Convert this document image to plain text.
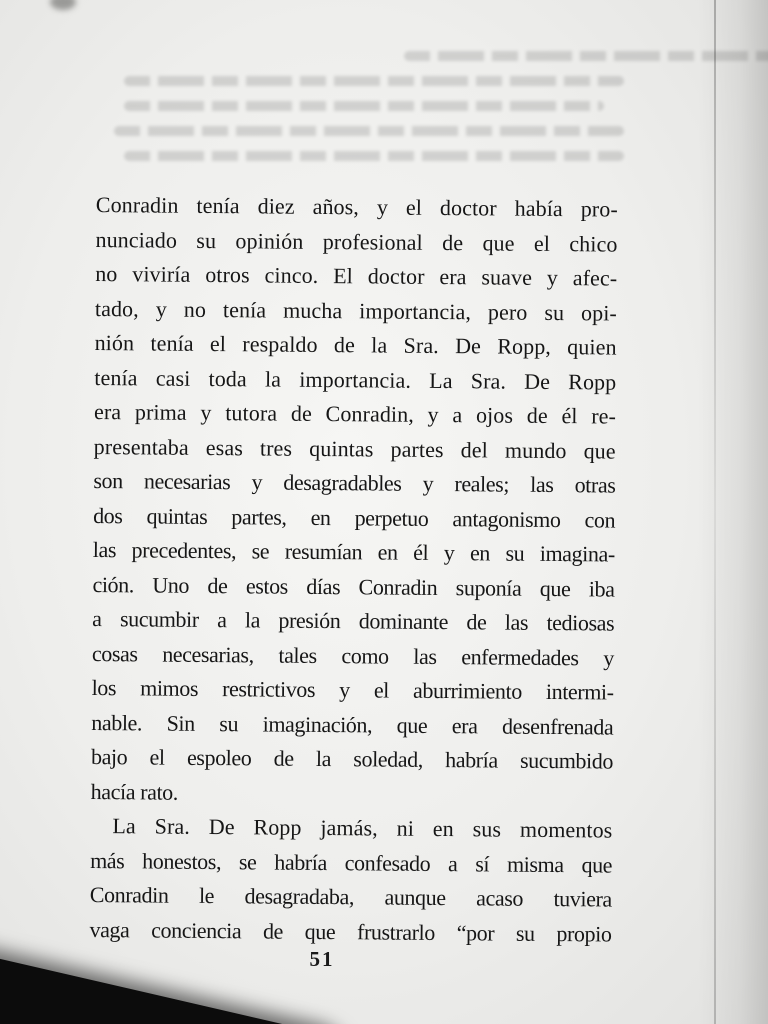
Conradin tenía diez años, y el doctor había pro-
nunciado su opinión profesional de que el chico
no viviría otros cinco. El doctor era suave y afec-
tado, y no tenía mucha importancia, pero su opi-
nión tenía el respaldo de la Sra. De Ropp, quien
tenía casi toda la importancia. La Sra. De Ropp
era prima y tutora de Conradin, y a ojos de él re-
presentaba esas tres quintas partes del mundo que
son necesarias y desagradables y reales; las otras
dos quintas partes, en perpetuo antagonismo con
las precedentes, se resumían en él y en su imagina-
ción. Uno de estos días Conradin suponía que iba
a sucumbir a la presión dominante de las tediosas
cosas necesarias, tales como las enfermedades y
los mimos restrictivos y el aburrimiento intermi-
nable. Sin su imaginación, que era desenfrenada
bajo el espoleo de la soledad, habría sucumbido
hacía rato.
La Sra. De Ropp jamás, ni en sus momentos
más honestos, se habría confesado a sí misma que
Conradin le desagradaba, aunque acaso tuviera
vaga conciencia de que frustrarlo “por su propio
51
